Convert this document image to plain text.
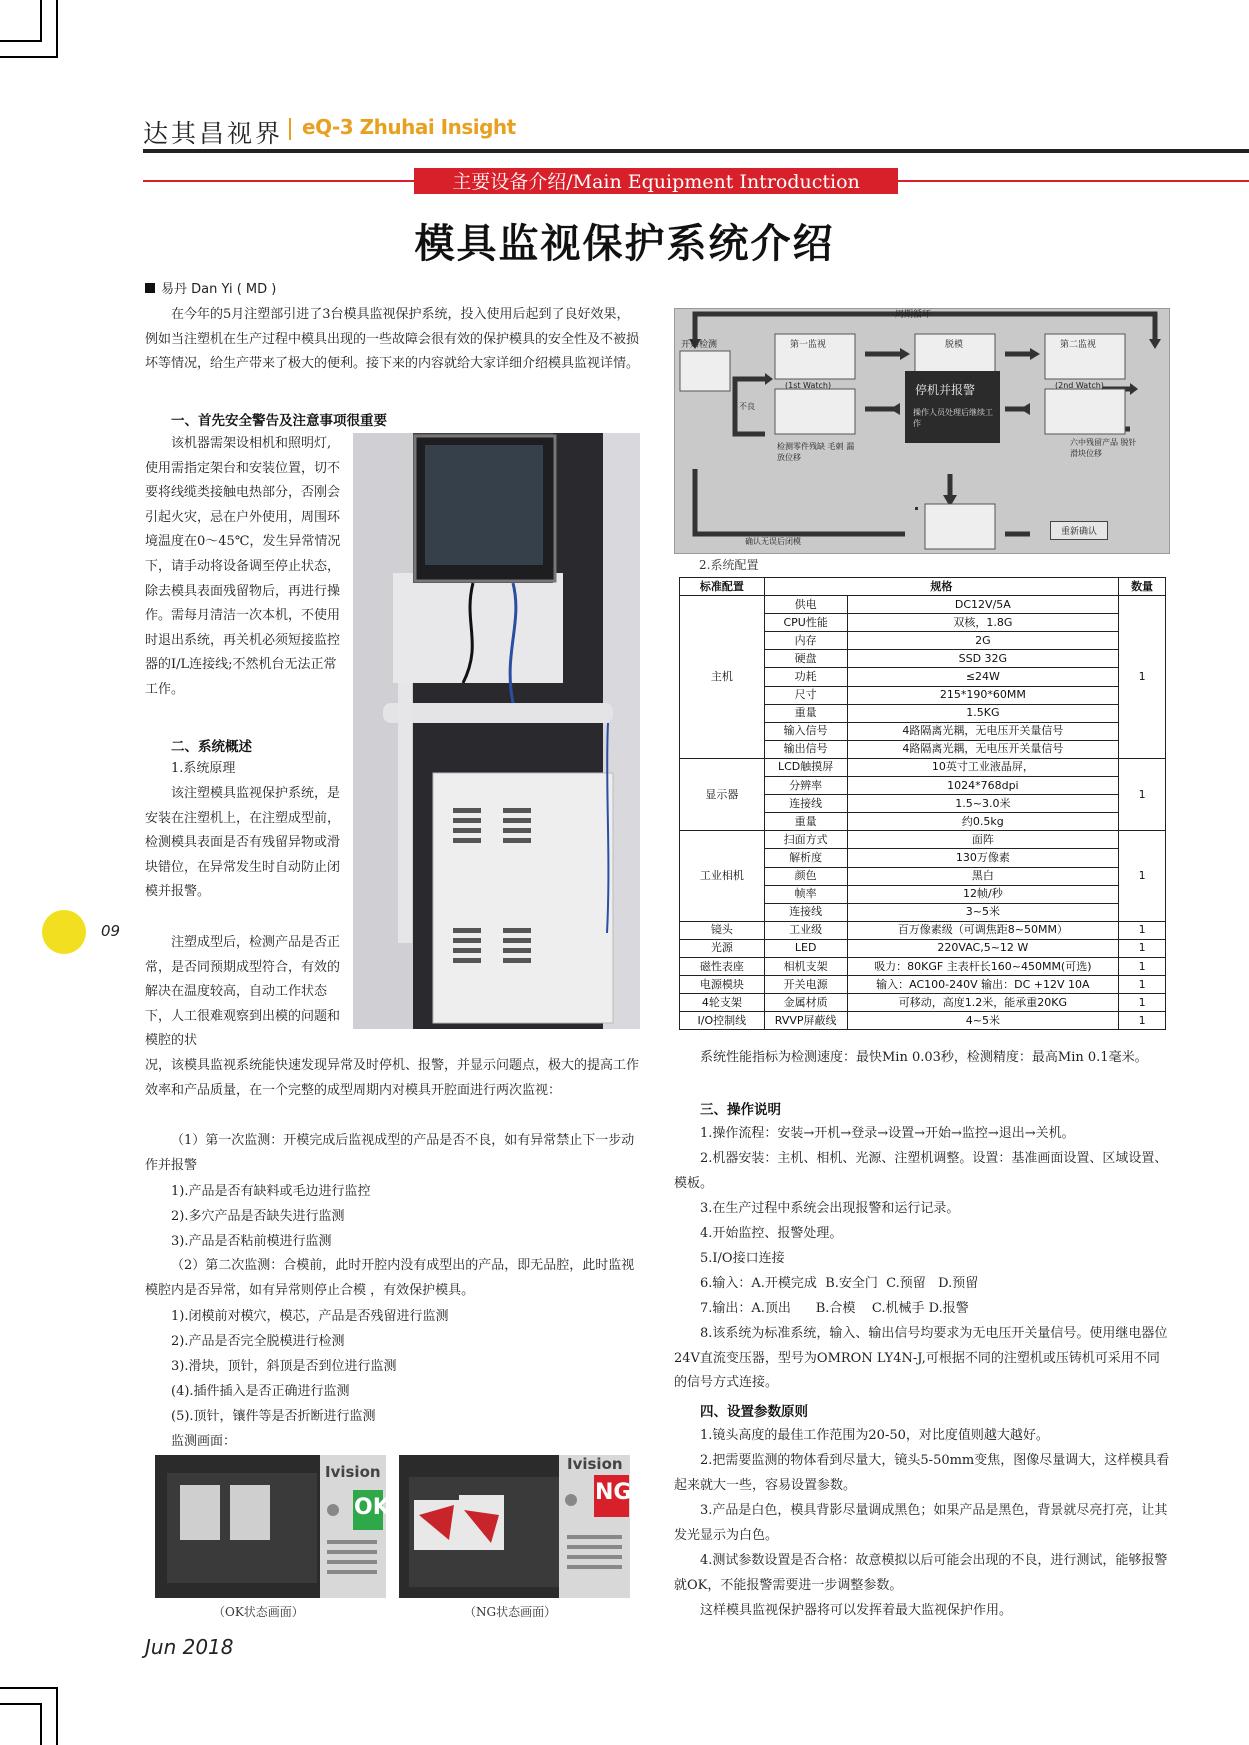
达其昌视界 eQ-3 Zhuhai Insight
主要设备介绍/Main Equipment Introduction
模具监视保护系统介绍
易丹 Dan Yi ( MD )
在今年的5月注塑部引进了3台模具监视保护系统，投入使用后起到了良好效果，例如当注塑机在生产过程中模具出现的一些故障会很有效的保护模具的安全性及不被损坏等情况，给生产带来了极大的便利。接下来的内容就给大家详细介绍模具监视详情。
一、首先安全警告及注意事项很重要
该机器需架设相机和照明灯,使用需指定架台和安装位置，切不要将线缆类接触电热部分，否刚会引起火灾，忌在户外使用，周围环境温度在0～45℃，发生异常情况下，请手动将设备调至停止状态，除去模具表面残留物后，再进行操作。需每月清洁一次本机，不使用时退出系统，再关机必须短接监控器的I/L连接线;不然机台无法正常工作。
二、系统概述
1.系统原理
该注塑模具监视保护系统，是安装在注塑机上，在注塑成型前，检测模具表面是否有残留异物或滑块错位，在异常发生时自动防止闭模并报警。
注塑成型后，检测产品是否正常，是否同预期成型符合，有效的解决在温度较高，自动工作状态下，人工很难观察到出模的问题和模腔的状
况，该模具监视系统能快速发现异常及时停机、报警，并显示问题点，极大的提高工作效率和产品质量，在一个完整的成型周期内对模具开腔面进行两次监视：
（1）第一次监测：开模完成后监视成型的产品是否不良，如有异常禁止下一步动作并报警
1).产品是否有缺料或毛边进行监控
2).多穴产品是否缺失进行监测
3).产品是否粘前模进行监测
（2）第二次监测：合模前，此时开腔内没有成型出的产品，即无品腔，此时监视模腔内是否异常，如有异常则停止合模 ，有效保护模具。
1).闭模前对模穴，模芯，产品是否残留进行监测
2).产品是否完全脱模进行检测
3).滑块，顶针，斜顶是否到位进行监测
(4).插件插入是否正确进行监测
(5).顶针，镶件等是否折断进行监测
监测画面：
Ivision
OK
Ivision
NG
（OK状态画面）	（NG状态画面）
周期循环
开始检测	第一监视	脱模	第二监视
(1st Watch)	(2nd Watch)
停机并报警
操作人员处理后继续工作
检测零件残缺 毛刺 漏放位移
六中残留产品 脱针 滑块位移
不良
确认无误后闭模
重新确认
2.系统配置
标准配置	规格		数量
主机	供电	DC12V/5A	1
	CPU性能	双核，1.8G	
	内存	2G	
	硬盘	SSD 32G	
	功耗	≤24W	
	尺寸	215*190*60MM	
	重量	1.5KG	
	输入信号	4路隔离光耦，无电压开关量信号	
	输出信号	4路隔离光耦，无电压开关量信号	
显示器	LCD触摸屏	10英寸工业液晶屏，	1
	分辨率	1024*768dpi	
	连接线	1.5~3.0米	
	重量	约0.5kg	
工业相机	扫面方式	面阵	1
	解析度	130万像素	
	颜色	黑白	
	帧率	12帧/秒	
	连接线	3~5米	
镜头	工业级	百万像素级（可调焦距8~50MM）	1
光源	LED	220VAC,5~12 W	1
磁性表座	相机支架	吸力：80KGF 主表杆长160~450MM(可选)	1
电源模块	开关电源	输入：AC100-240V 输出：DC +12V 10A	1
4轮支架	金属材质	可移动，高度1.2米，能承重20KG	1
I/O控制线	RVVP屏蔽线	4~5米	1
系统性能指标为检测速度：最快Min 0.03秒，检测精度：最高Min 0.1毫米。
三、操作说明
1.操作流程：安装→开机→登录→设置→开始→监控→退出→关机。
2.机器安装：主机、相机、光源、注塑机调整。设置：基准画面设置、区域设置、模板。
3.在生产过程中系统会出现报警和运行记录。
4.开始监控、报警处理。
5.I/O接口连接
6.输入：A.开模完成  B.安全门  C.预留   D.预留
7.输出：A.顶出      B.合模    C.机械手 D.报警
8.该系统为标准系统，输入、输出信号均要求为无电压开关量信号。使用继电器位24V直流变压器，型号为OMRON LY4N-J,可根据不同的注塑机或压铸机可采用不同的信号方式连接。
四、设置参数原则
1.镜头高度的最佳工作范围为20-50，对比度值则越大越好。
2.把需要监测的物体看到尽量大，镜头5-50mm变焦，图像尽量调大，这样模具看起来就大一些，容易设置参数。
3.产品是白色，模具背影尽量调成黑色；如果产品是黑色，背景就尽亮打亮，让其发光显示为白色。
4.测试参数设置是否合格：故意模拟以后可能会出现的不良，进行测试，能够报警就OK，不能报警需要进一步调整参数。
这样模具监视保护器将可以发挥着最大监视保护作用。
09
Jun 2018
